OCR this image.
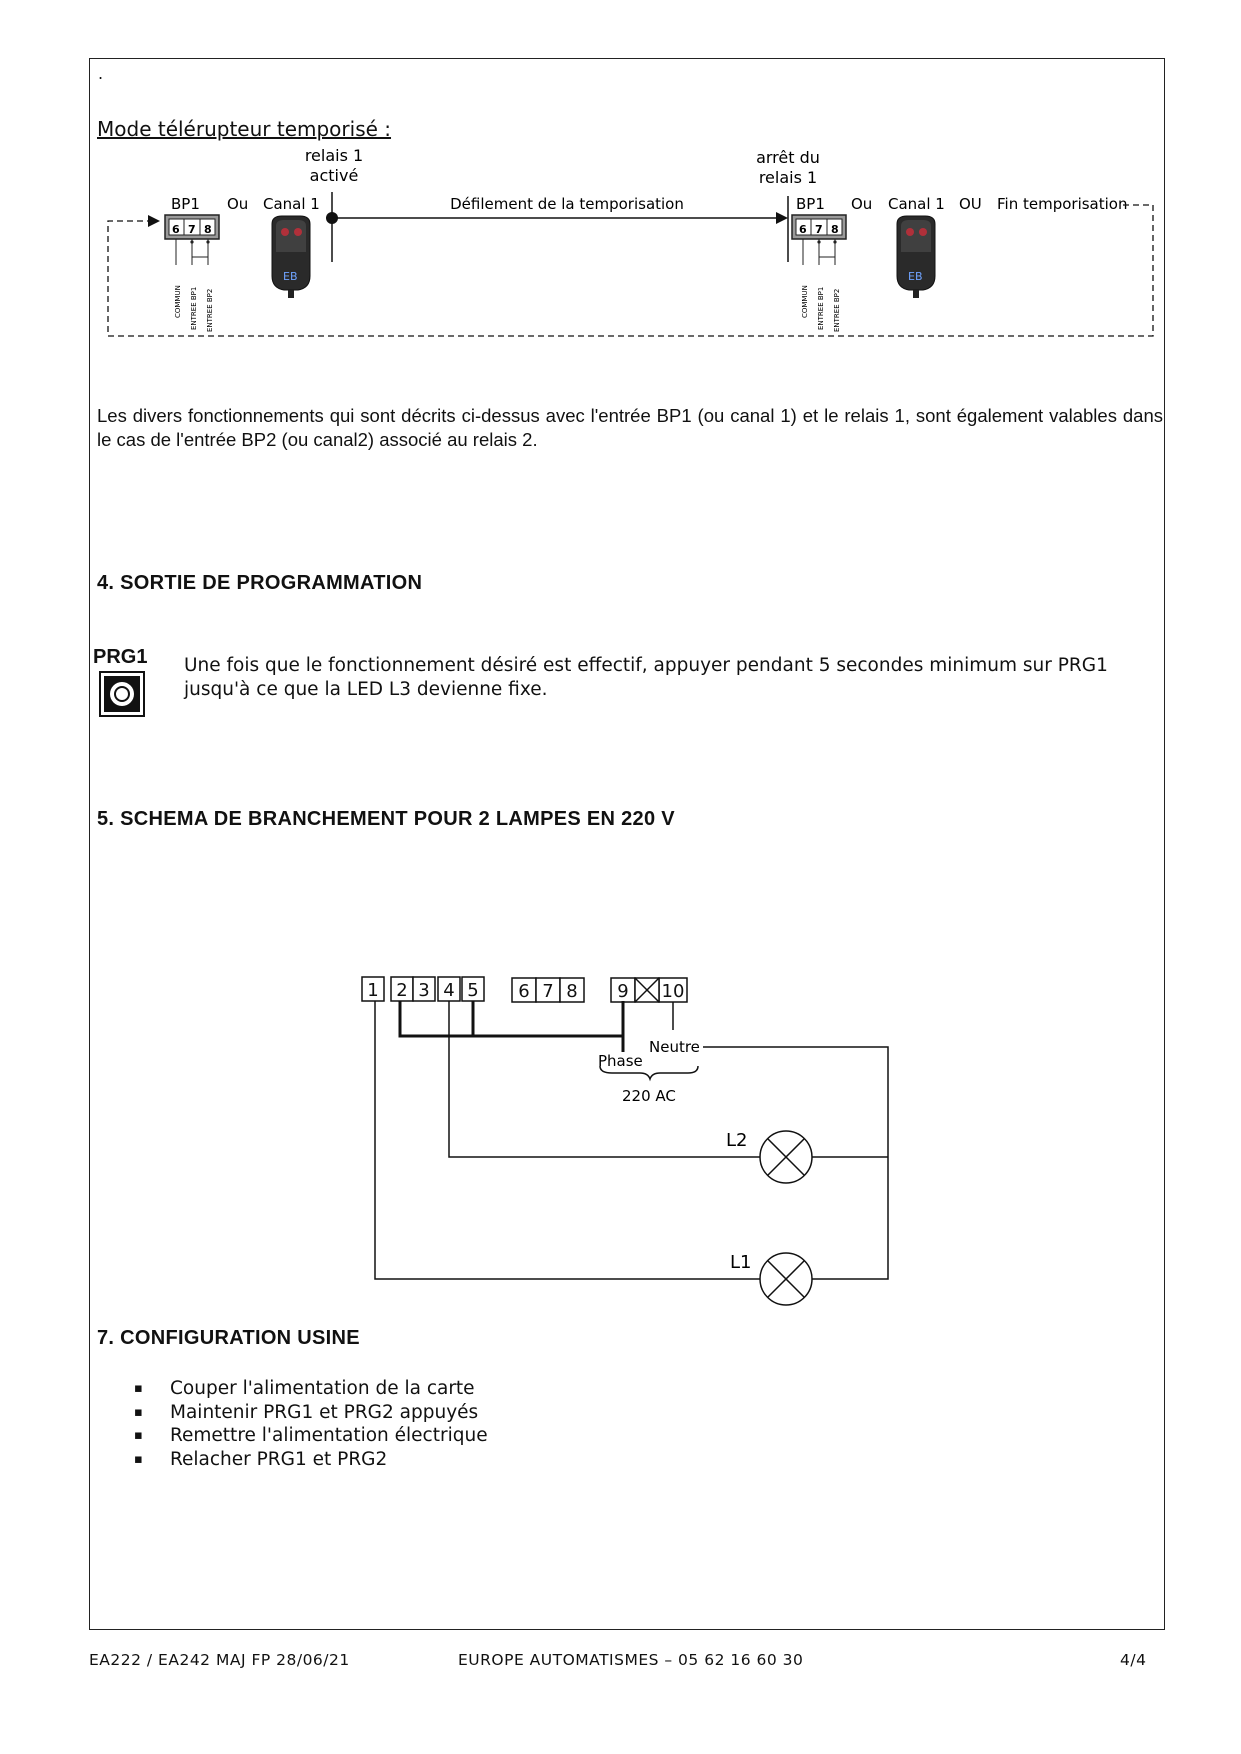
.
Mode télérupteur temporisé :
BP1 Ou Canal 1
6 7 8
COMMUN ENTREE BP1 ENTREE BP2
EB
relais 1
activé
Défilement de la temporisation
arrêt du
relais 1
BP1 Ou Canal 1 OU Fin temporisation
6 7 8
COMMUN ENTREE BP1 ENTREE BP2
EB
Les divers fonctionnements qui sont décrits ci-dessus avec l'entrée BP1 (ou canal 1) et le relais 1, sont également valables dans le cas de l'entrée BP2 (ou canal2) associé au relais 2.
4. SORTIE DE PROGRAMMATION
PRG1 Une fois que le fonctionnement désiré est effectif, appuyer pendant 5 secondes minimum sur PRG1 jusqu'à ce que la LED L3 devienne fixe.
5. SCHEMA DE BRANCHEMENT POUR 2 LAMPES EN 220 V
1 2 3 4 5 6 7 8 9 10
Phase
Neutre
220 AC
L2
L1
7. CONFIGURATION USINE
▪ Couper l'alimentation de la carte
▪ Maintenir PRG1 et PRG2 appuyés
▪ Remettre l'alimentation électrique
▪ Relacher PRG1 et PRG2
EA222 / EA242 MAJ FP 28/06/21	EUROPE AUTOMATISMES – 05 62 16 60 30	4/4
